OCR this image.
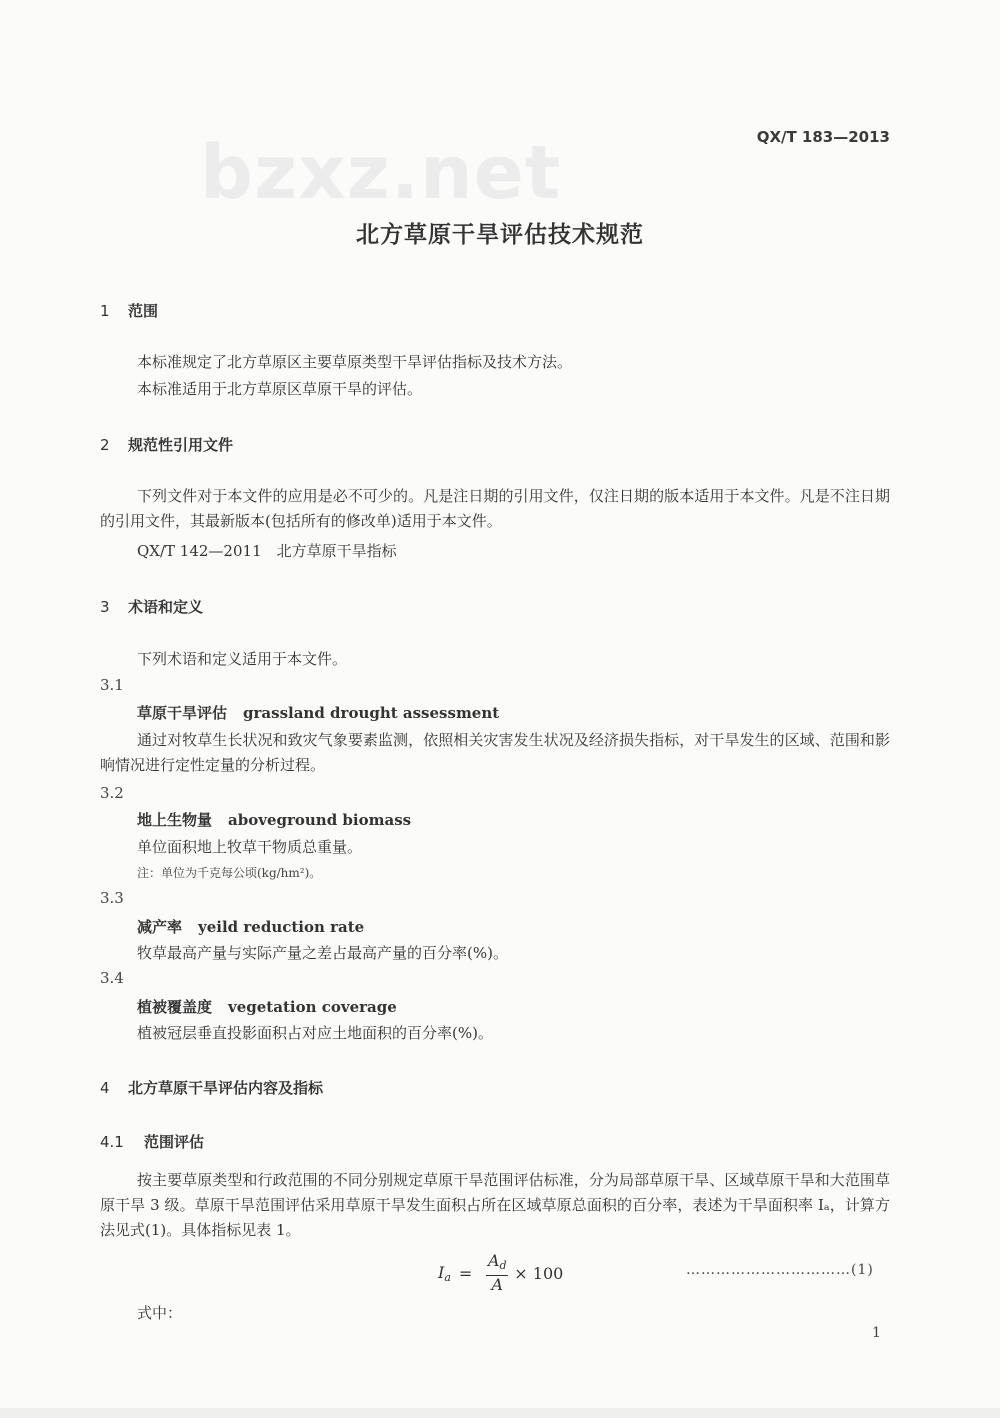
bzxz.net	QX/T 183—2013
北方草原干旱评估技术规范
1 范围
本标准规定了北方草原区主要草原类型干旱评估指标及技术方法。
本标准适用于北方草原区草原干旱的评估。
2 规范性引用文件
下列文件对于本文件的应用是必不可少的。凡是注日期的引用文件，仅注日期的版本适用于本文件。凡是不注日期的引用文件，其最新版本(包括所有的修改单)适用于本文件。
QX/T 142—2011　北方草原干旱指标
3 术语和定义
下列术语和定义适用于本文件。
3.1
草原干旱评估 grassland drought assessment
通过对牧草生长状况和致灾气象要素监测，依照相关灾害发生状况及经济损失指标，对干旱发生的区域、范围和影响情况进行定性定量的分析过程。
3.2
地上生物量 aboveground biomass
单位面积地上牧草干物质总重量。
注：单位为千克每公顷(kg/hm²)。
3.3
减产率 yeild reduction rate
牧草最高产量与实际产量之差占最高产量的百分率(%)。
3.4
植被覆盖度 vegetation coverage
植被冠层垂直投影面积占对应土地面积的百分率(%)。
4 北方草原干旱评估内容及指标
4.1 范围评估
按主要草原类型和行政范围的不同分别规定草原干旱范围评估标准，分为局部草原干旱、区域草原干旱和大范围草原干旱 3 级。草原干旱范围评估采用草原干旱发生面积占所在区域草原总面积的百分率，表述为干旱面积率 Iₐ，计算方法见式(1)。具体指标见表 1。
$I_a = \frac{A_d}{A} \times 100$	……………………………(1)
式中：
1
